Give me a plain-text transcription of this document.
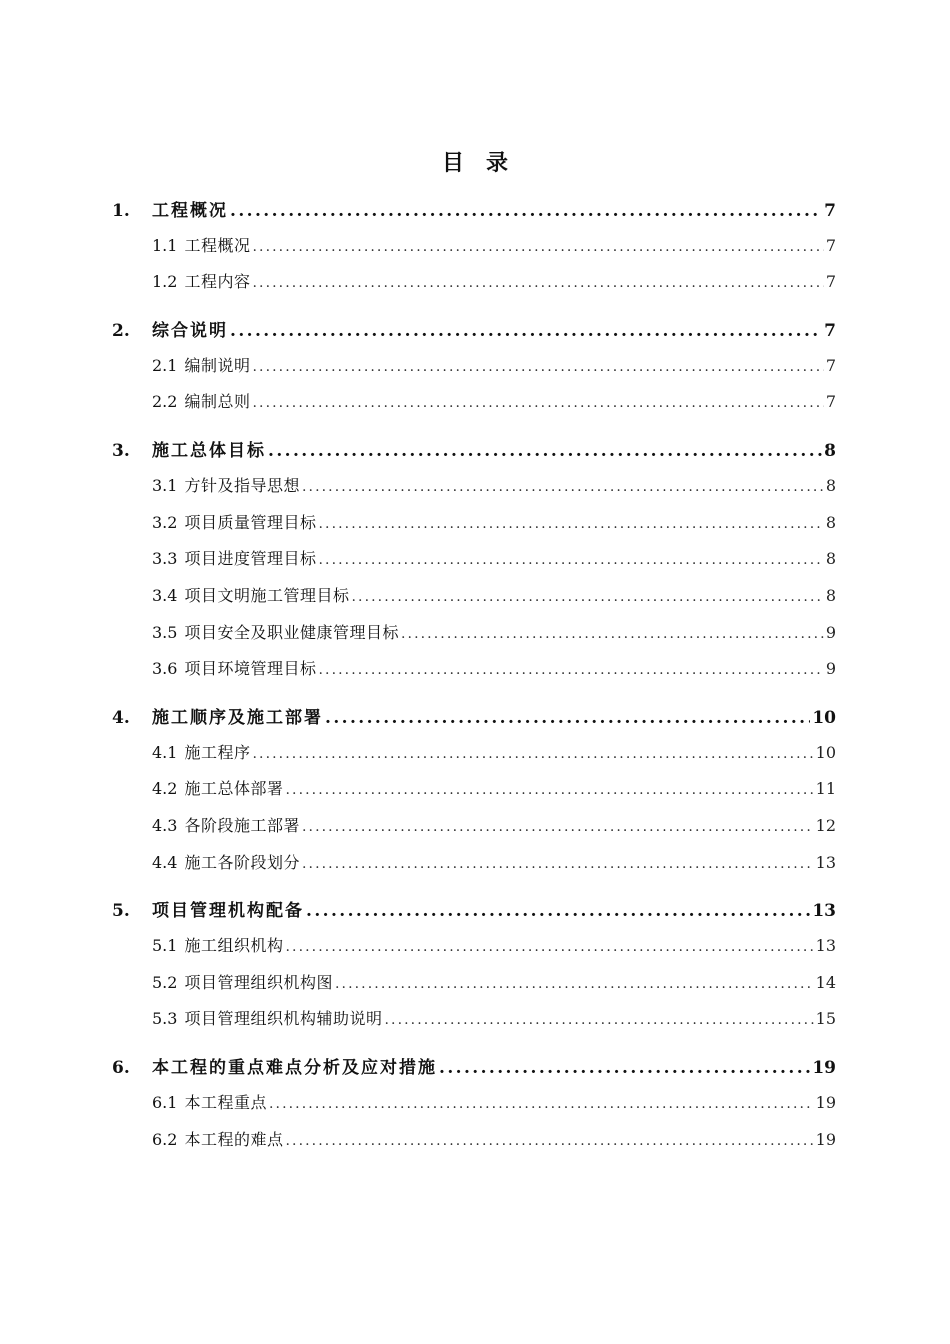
目录
1.	工程概况 .....	7
1.1 工程概况 .....	7
1.2 工程内容 .....	7
2.	综合说明 .....	7
2.1 编制说明 .....	7
2.2 编制总则 .....	7
3.	施工总体目标 .....	8
3.1 方针及指导思想 .....	8
3.2 项目质量管理目标 .....	8
3.3 项目进度管理目标 .....	8
3.4 项目文明施工管理目标 .....	8
3.5 项目安全及职业健康管理目标 .....	9
3.6 项目环境管理目标 .....	9
4.	施工顺序及施工部署 .....	10
4.1 施工程序 .....	10
4.2 施工总体部署 .....	11
4.3 各阶段施工部署 .....	12
4.4 施工各阶段划分 .....	13
5.	项目管理机构配备 .....	13
5.1 施工组织机构 .....	13
5.2 项目管理组织机构图 .....	14
5.3 项目管理组织机构辅助说明 .....	15
6.	本工程的重点难点分析及应对措施 .....	19
6.1 本工程重点 .....	19
6.2 本工程的难点 .....	19
